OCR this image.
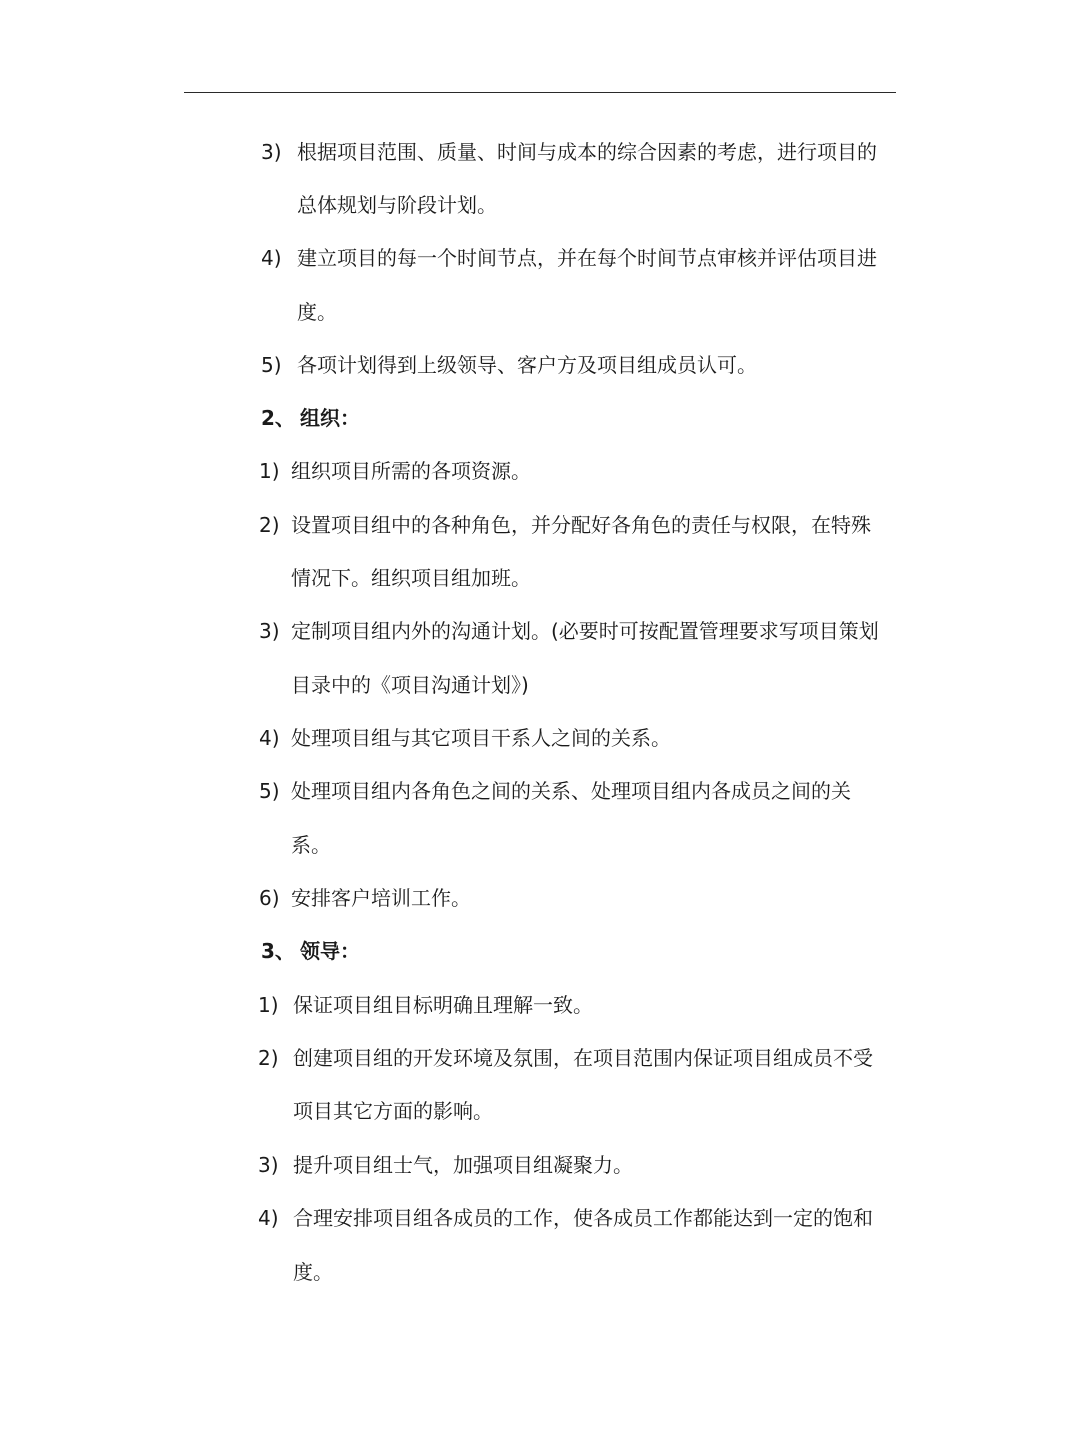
3) 根据项目范围、质量、时间与成本的综合因素的考虑，进行项目的
总体规划与阶段计划。
4) 建立项目的每一个时间节点，并在每个时间节点审核并评估项目进
度。
5) 各项计划得到上级领导、客户方及项目组成员认可。
2、 组织：
1) 组织项目所需的各项资源。
2) 设置项目组中的各种角色，并分配好各角色的责任与权限，在特殊
情况下。组织项目组加班。
3) 定制项目组内外的沟通计划。(必要时可按配置管理要求写项目策划
目录中的《项目沟通计划》)
4) 处理项目组与其它项目干系人之间的关系。
5) 处理项目组内各角色之间的关系、处理项目组内各成员之间的关
系。
6) 安排客户培训工作。
3、 领导：
1) 保证项目组目标明确且理解一致。
2) 创建项目组的开发环境及氛围，在项目范围内保证项目组成员不受
项目其它方面的影响。
3) 提升项目组士气，加强项目组凝聚力。
4) 合理安排项目组各成员的工作，使各成员工作都能达到一定的饱和
度。
